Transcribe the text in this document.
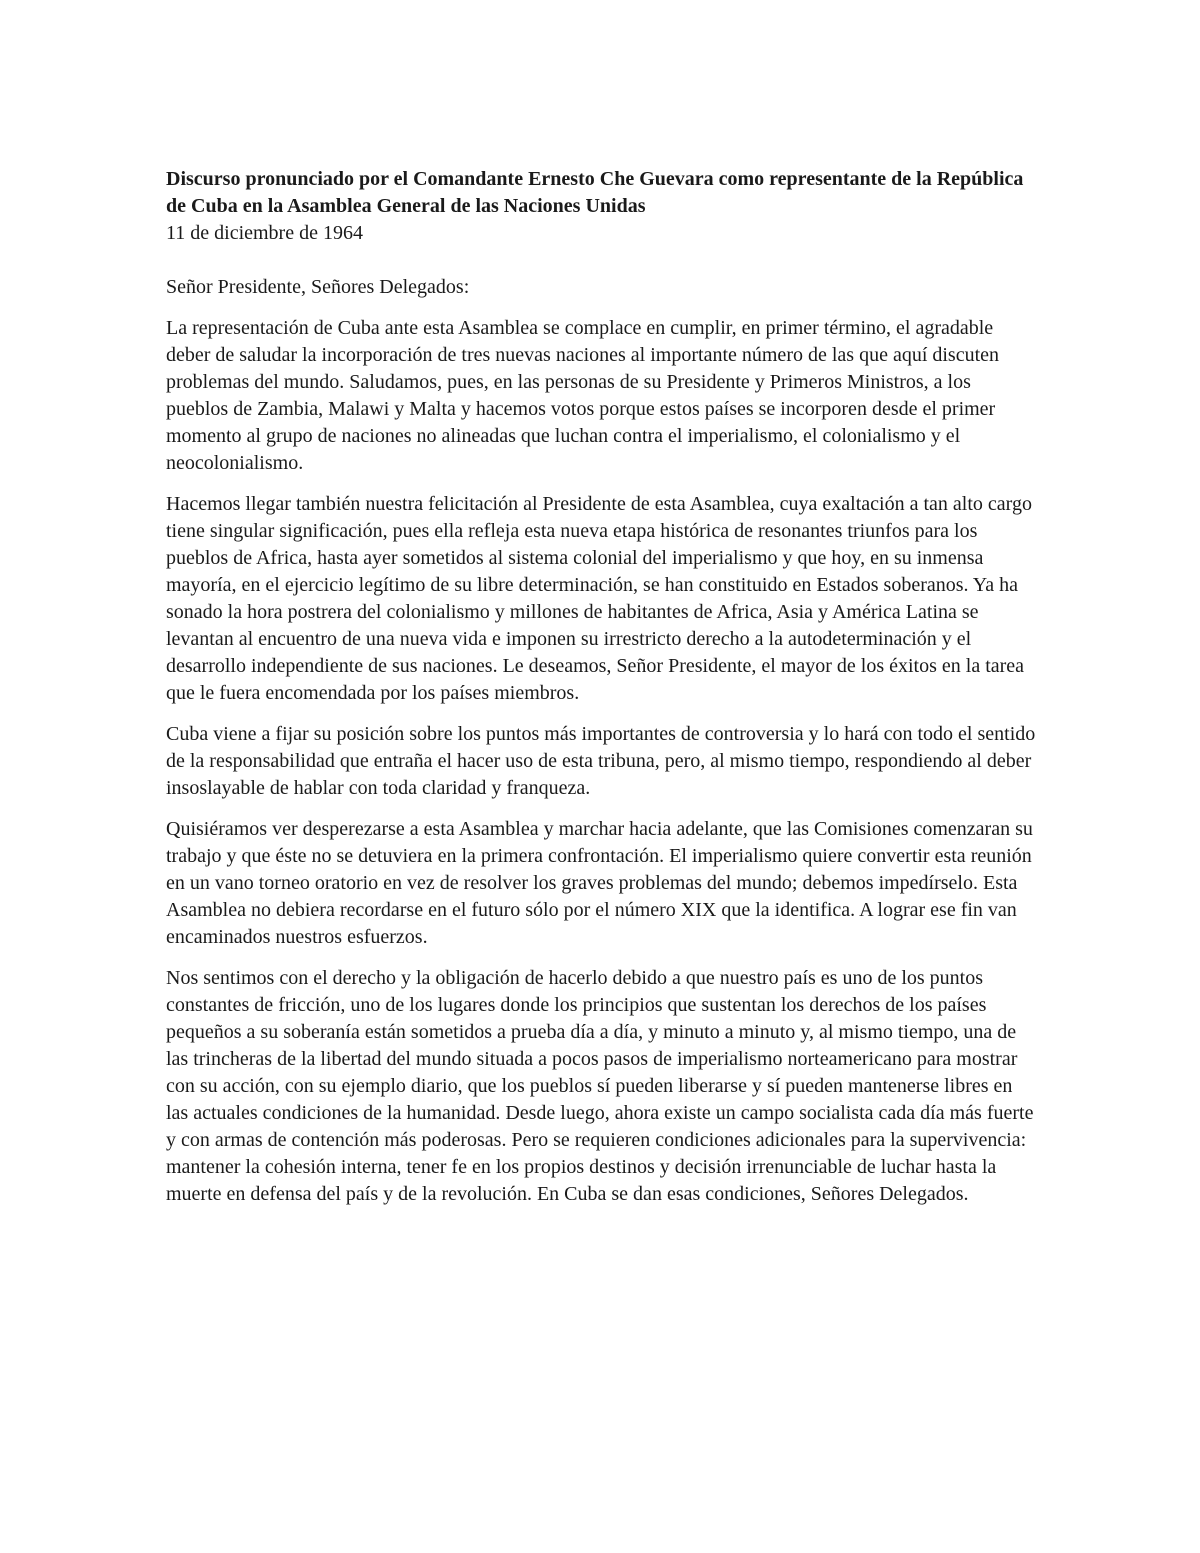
Discurso pronunciado por el Comandante Ernesto Che Guevara como representante de la República de Cuba en la Asamblea General de las Naciones Unidas

11 de diciembre de 1964

Señor Presidente, Señores Delegados:

La representación de Cuba ante esta Asamblea se complace en cumplir, en primer término, el agradable deber de saludar la incorporación de tres nuevas naciones al importante número de las que aquí discuten problemas del mundo. Saludamos, pues, en las personas de su Presidente y Primeros Ministros, a los pueblos de Zambia, Malawi y Malta y hacemos votos porque estos países se incorporen desde el primer momento al grupo de naciones no alineadas que luchan contra el imperialismo, el colonialismo y el neocolonialismo.

Hacemos llegar también nuestra felicitación al Presidente de esta Asamblea, cuya exaltación a tan alto cargo tiene singular significación, pues ella refleja esta nueva etapa histórica de resonantes triunfos para los pueblos de Africa, hasta ayer sometidos al sistema colonial del imperialismo y que hoy, en su inmensa mayoría, en el ejercicio legítimo de su libre determinación, se han constituido en Estados soberanos. Ya ha sonado la hora postrera del colonialismo y millones de habitantes de Africa, Asia y América Latina se levantan al encuentro de una nueva vida e imponen su irrestricto derecho a la autodeterminación y el desarrollo independiente de sus naciones. Le deseamos, Señor Presidente, el mayor de los éxitos en la tarea que le fuera encomendada por los países miembros.

Cuba viene a fijar su posición sobre los puntos más importantes de controversia y lo hará con todo el sentido de la responsabilidad que entraña el hacer uso de esta tribuna, pero, al mismo tiempo, respondiendo al deber insoslayable de hablar con toda claridad y franqueza.

Quisiéramos ver desperezarse a esta Asamblea y marchar hacia adelante, que las Comisiones comenzaran su trabajo y que éste no se detuviera en la primera confrontación. El imperialismo quiere convertir esta reunión en un vano torneo oratorio en vez de resolver los graves problemas del mundo; debemos impedírselo. Esta Asamblea no debiera recordarse en el futuro sólo por el número XIX que la identifica. A lograr ese fin van encaminados nuestros esfuerzos.

Nos sentimos con el derecho y la obligación de hacerlo debido a que nuestro país es uno de los puntos constantes de fricción, uno de los lugares donde los principios que sustentan los derechos de los países pequeños a su soberanía están sometidos a prueba día a día, y minuto a minuto y, al mismo tiempo, una de las trincheras de la libertad del mundo situada a pocos pasos de imperialismo norteamericano para mostrar con su acción, con su ejemplo diario, que los pueblos sí pueden liberarse y sí pueden mantenerse libres en las actuales condiciones de la humanidad. Desde luego, ahora existe un campo socialista cada día más fuerte y con armas de contención más poderosas. Pero se requieren condiciones adicionales para la supervivencia: mantener la cohesión interna, tener fe en los propios destinos y decisión irrenunciable de luchar hasta la muerte en defensa del país y de la revolución. En Cuba se dan esas condiciones, Señores Delegados.
